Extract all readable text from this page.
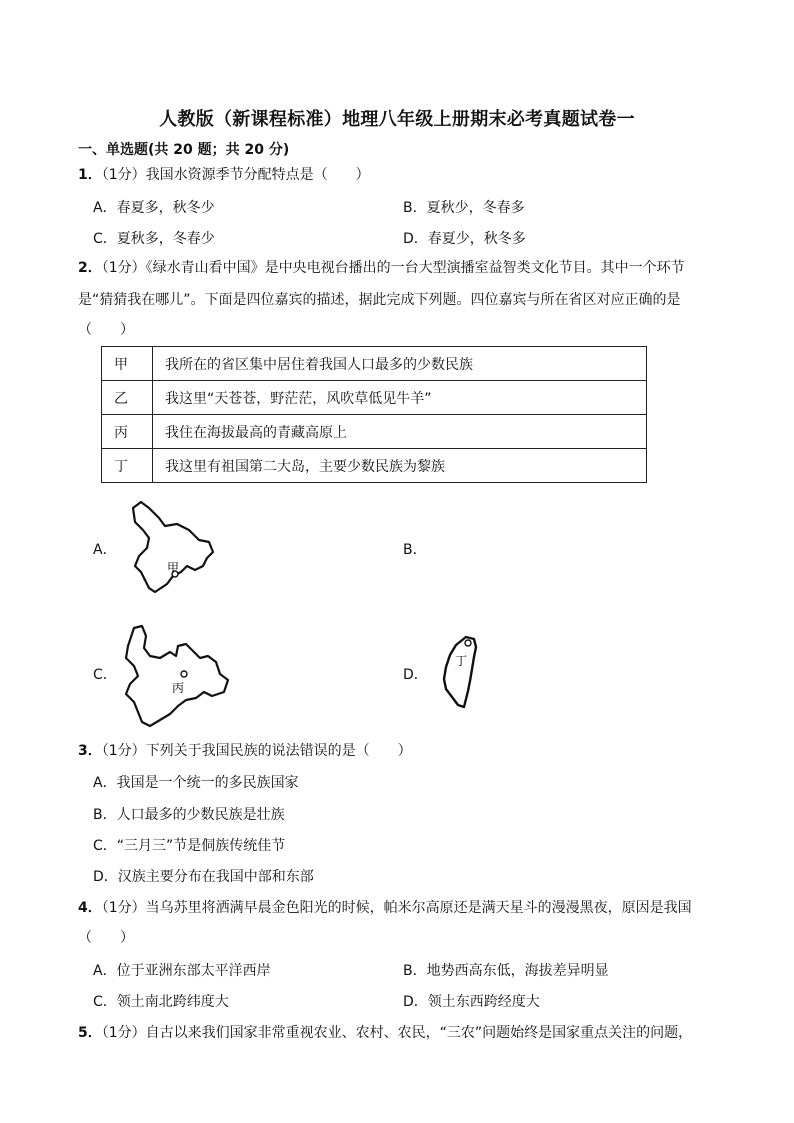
人教版（新课程标准）地理八年级上册期末必考真题试卷一
一、单选题(共 20 题；共 20 分)
1．（1分）我国水资源季节分配特点是（　　）
A．春夏多，秋冬少	B．夏秋少，冬春多
C．夏秋多，冬春少	D．春夏少，秋冬多
2．（1分）《绿水青山看中国》是中央电视台播出的一台大型演播室益智类文化节目。其中一个环节
是“猜猜我在哪儿”。下面是四位嘉宾的描述，据此完成下列题。四位嘉宾与所在省区对应正确的是
（　　）
甲	我所在的省区集中居住着我国人口最多的少数民族
乙	我这里“天苍苍，野茫茫，风吹草低见牛羊”
丙	我住在海拔最高的青藏高原上
丁	我这里有祖国第二大岛，主要少数民族为黎族
A．	B．
C．	D．
甲
丙
丁
3．（1分）下列关于我国民族的说法错误的是（　　）
A．我国是一个统一的多民族国家
B．人口最多的少数民族是壮族
C．“三月三”节是侗族传统佳节
D．汉族主要分布在我国中部和东部
4．（1分）当乌苏里将洒满早晨金色阳光的时候，帕米尔高原还是满天星斗的漫漫黑夜，原因是我国
（　　）
A．位于亚洲东部太平洋西岸	B．地势西高东低，海拔差异明显
C．领土南北跨纬度大	D．领土东西跨经度大
5．（1分）自古以来我们国家非常重视农业、农村、农民，“三农”问题始终是国家重点关注的问题，
